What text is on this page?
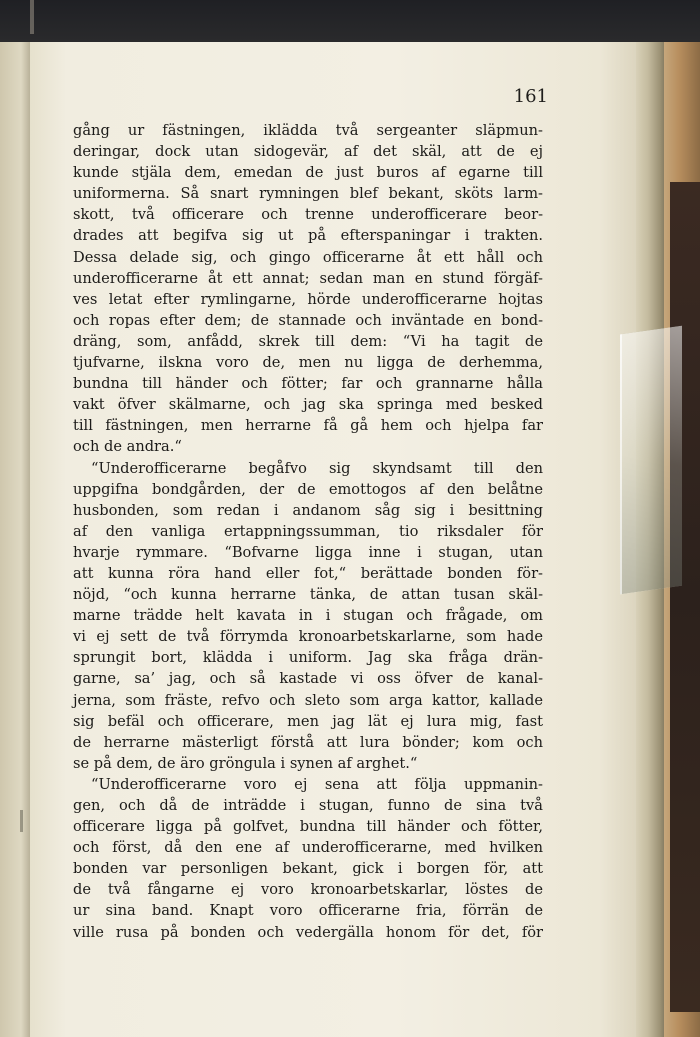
161

gång ur fästningen, iklädda två sergeanter släpmun-
deringar, dock utan sidogevär, af det skäl, att de ej
kunde stjäla dem, emedan de just buros af egarne till
uniformerna. Så snart rymningen blef bekant, sköts larm-
skott, två officerare och trenne underofficerare beor-
drades att begifva sig ut på efterspaningar i trakten.
Dessa delade sig, och gingo officerarne åt ett håll och
underofficerarne åt ett annat; sedan man en stund förgäf-
ves letat efter rymlingarne, hörde underofficerarne hojtas
och ropas efter dem; de stannade och inväntade en bond-
dräng, som, anfådd, skrek till dem: “Vi ha tagit de
tjufvarne, ilskna voro de, men nu ligga de derhemma,
bundna till händer och fötter; far och grannarne hålla
vakt öfver skälmarne, och jag ska springa med besked
till fästningen, men herrarne få gå hem och hjelpa far
och de andra.“
“Underofficerarne begåfvo sig skyndsamt till den
uppgifna bondgården, der de emottogos af den belåtne
husbonden, som redan i andanom såg sig i besittning
af den vanliga ertappningssumman, tio riksdaler för
hvarje rymmare. “Bofvarne ligga inne i stugan, utan
att kunna röra hand eller fot,“ berättade bonden för-
nöjd, “och kunna herrarne tänka, de attan tusan skäl-
marne trädde helt kavata in i stugan och frågade, om
vi ej sett de två förrymda kronoarbetskarlarne, som hade
sprungit bort, klädda i uniform. Jag ska fråga drän-
garne, sa’ jag, och så kastade vi oss öfver de kanal-
jerna, som fräste, refvo och sleto som arga kattor, kallade
sig befäl och officerare, men jag lät ej lura mig, fast
de herrarne mästerligt förstå att lura bönder; kom och
se på dem, de äro gröngula i synen af arghet.“
“Underofficerarne voro ej sena att följa uppmanin-
gen, och då de inträdde i stugan, funno de sina två
officerare ligga på golfvet, bundna till händer och fötter,
och först, då den ene af underofficerarne, med hvilken
bonden var personligen bekant, gick i borgen för, att
de två fångarne ej voro kronoarbetskarlar, löstes de
ur sina band. Knapt voro officerarne fria, förrän de
ville rusa på bonden och vedergälla honom för det, för
